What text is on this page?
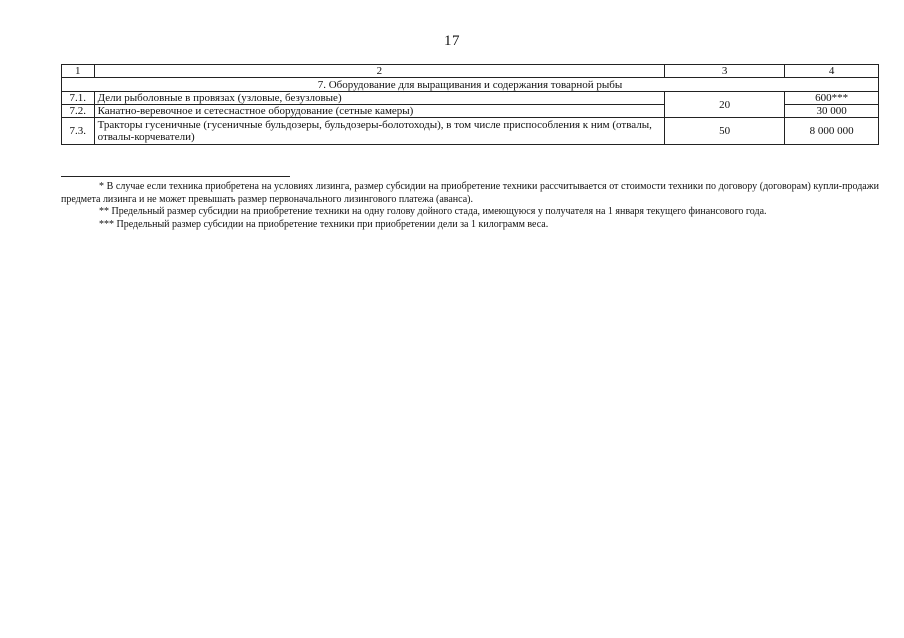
17
1	2	3	4
7. Оборудование для выращивания и содержания товарной рыбы			
7.1.	Дели рыболовные в провязах (узловые, безузловые)	20	600***
7.2.	Канатно-веревочное и сетеснастное оборудование (сетные камеры)		30 000
7.3.	Тракторы гусеничные (гусеничные бульдозеры, бульдозеры-болотоходы), в том числе приспособления к ним (отвалы, отвалы-корчеватели)	50	8 000 000

* В случае если техника приобретена на условиях лизинга, размер субсидии на приобретение техники рассчитывается от стоимости техники по договору (договорам) купли-продажи предмета лизинга и не может превышать размер первоначального лизингового платежа (аванса).

** Предельный размер субсидии на приобретение техники на одну голову дойного стада, имеющуюся у получателя на 1 января текущего финансового года.

*** Предельный размер субсидии на приобретение техники при приобретении дели за 1 килограмм веса.
